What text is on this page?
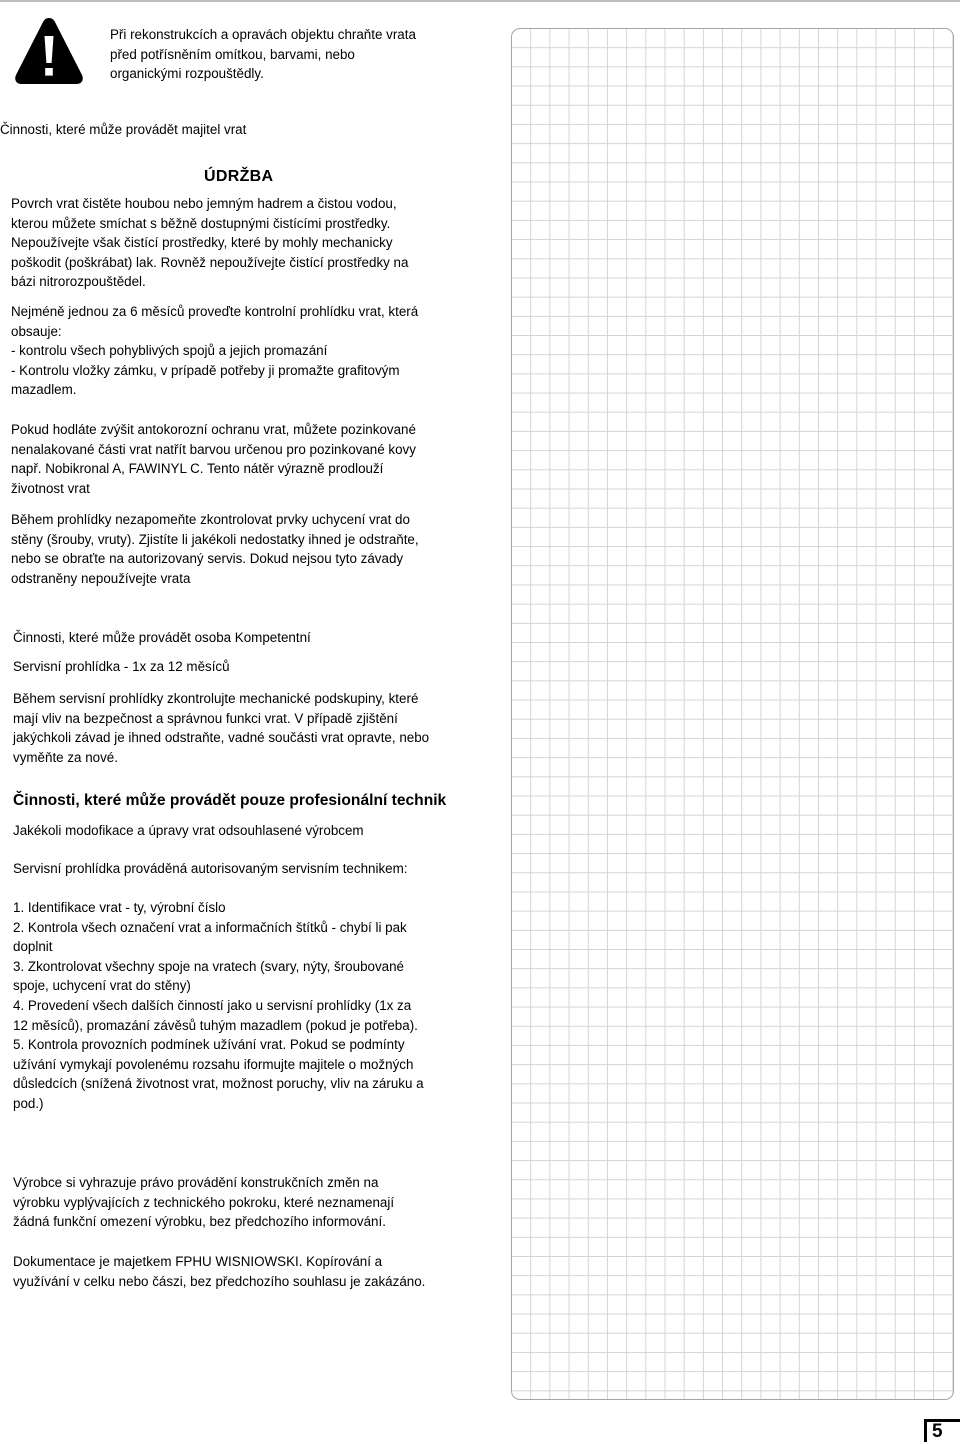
Při rekonstrukcích a opravách objektu chraňte vrata
před potřísněním omítkou, barvami, nebo
organickými rozpouštědly.

Činnosti, které může provádět majitel vrat

ÚDRŽBA

Povrch vrat čistěte houbou nebo jemným hadrem a čistou vodou,
kterou můžete smíchat s běžně dostupnými čistícími prostředky.
Nepoužívejte však čistící prostředky, které by mohly mechanicky
poškodit (poškrábat) lak. Rovněž nepoužívejte čistící prostředky na
bázi nitrorozpouštědel.

Nejméně jednou za 6 měsíců proveďte kontrolní prohlídku vrat, která
obsauje:
- kontrolu všech pohyblivých spojů a jejich promazání
- Kontrolu vložky zámku, v prípadě potřeby ji promažte grafitovým
mazadlem.

Pokud hodláte zvýšit antokorozní ochranu vrat, můžete pozinkované
nenalakované části vrat natřít barvou určenou pro pozinkované kovy
např. Nobikronal A, FAWINYL C. Tento nátěr výrazně prodlouží
životnost vrat

Během prohlídky nezapomeňte zkontrolovat prvky uchycení vrat do
stěny (šrouby, vruty). Zjistíte li jakékoli nedostatky ihned je odstraňte,
nebo se obraťte na autorizovaný servis. Dokud nejsou tyto závady
odstraněny nepoužívejte vrata

Činnosti, které může provádět osoba Kompetentní

Servisní prohlídka - 1x za 12 měsíců

Během servisní prohlídky zkontrolujte mechanické podskupiny, které
mají vliv na bezpečnost a správnou funkci vrat. V případě zjištění
jakýchkoli závad je ihned odstraňte, vadné součásti vrat opravte, nebo
vyměňte za nové.

Činnosti, které může provádět pouze profesionální technik

Jakékoli modofikace a úpravy vrat odsouhlasené výrobcem

Servisní prohlídka prováděná autorisovaným servisním technikem:

1. Identifikace vrat - ty, výrobní číslo
2. Kontrola všech označení vrat a informačních štítků - chybí li pak
doplnit
3. Zkontrolovat všechny spoje na vratech (svary, nýty, šroubované
spoje, uchycení vrat do stěny)
4. Provedení všech dalších činností jako u servisní prohlídky (1x za
12 měsíců), promazání závěsů tuhým mazadlem (pokud je potřeba).
5. Kontrola provozních podmínek užívání vrat. Pokud se podmínty
užívání vymykají povolenému rozsahu iformujte majitele o možných
důsledcích (snížená životnost vrat, možnost poruchy, vliv na záruku a
pod.)

Výrobce si vyhrazuje právo provádění konstrukčních změn na
výrobku vyplývajících z technického pokroku, které neznamenají
žádná funkční omezení výrobku, bez předchozího informování.

Dokumentace je majetkem FPHU WISNIOWSKI. Kopírování a
využívání v celku nebo čászi, bez předchozího souhlasu je zakázáno.

5
